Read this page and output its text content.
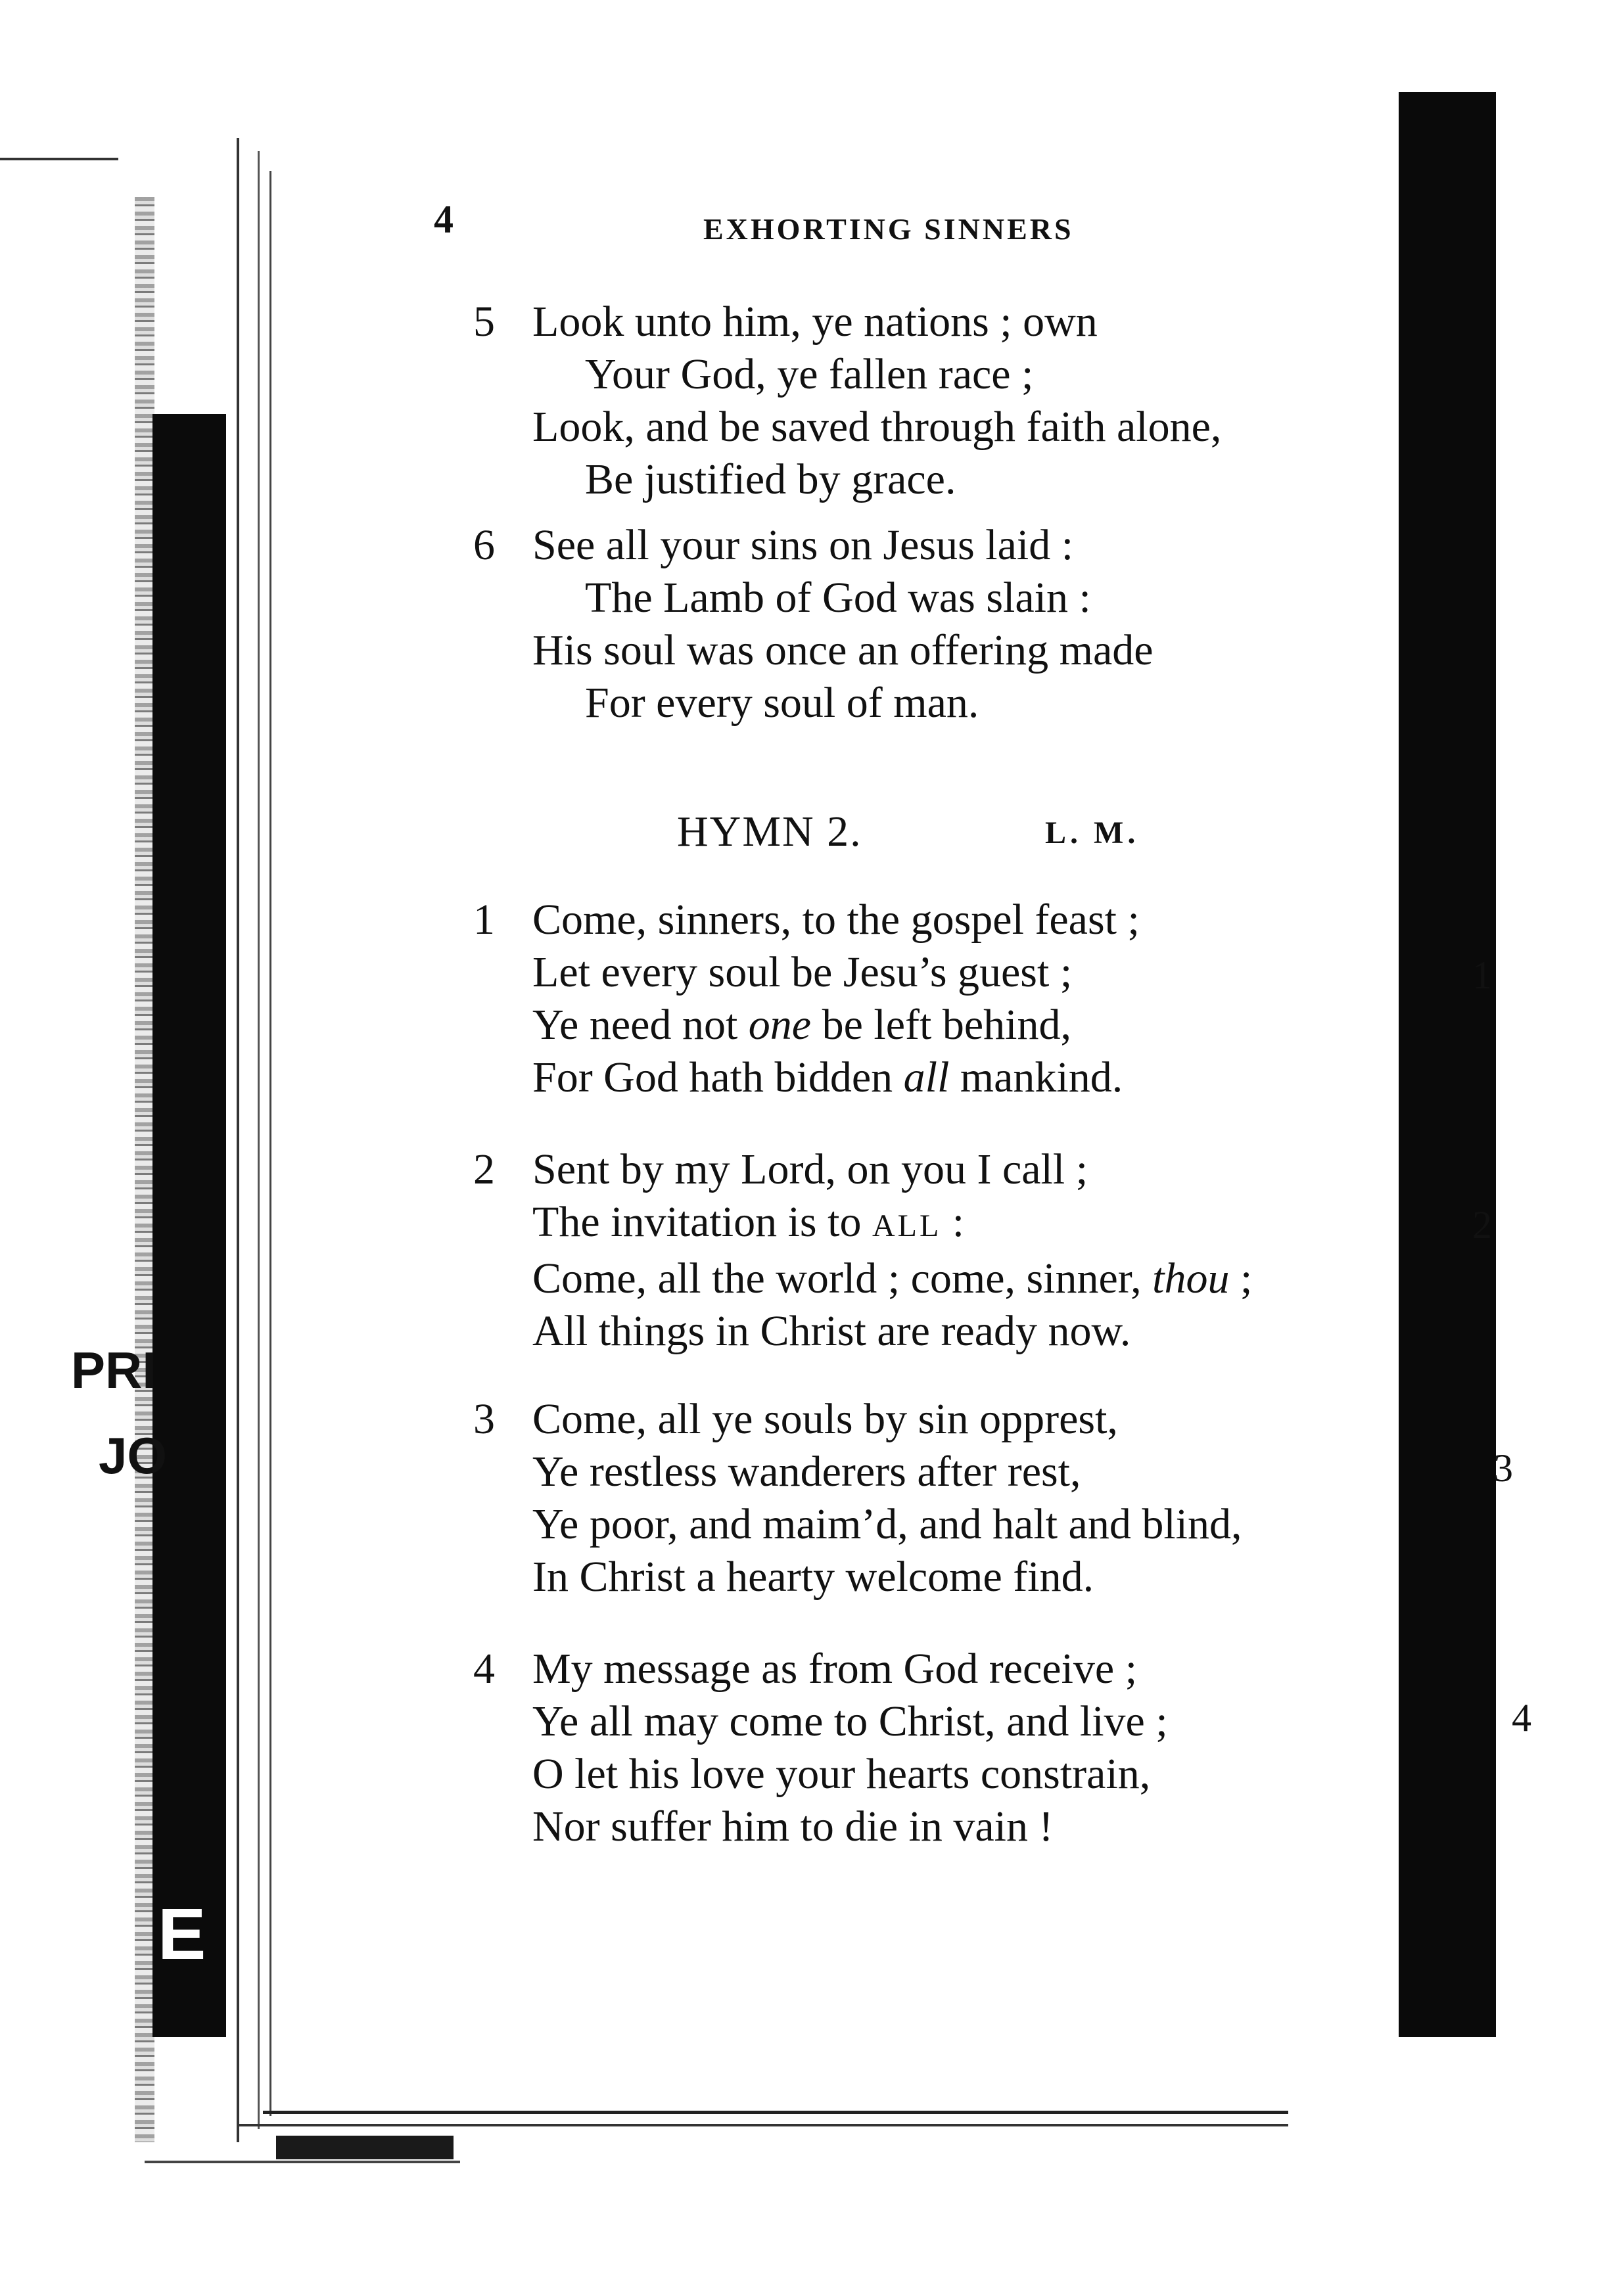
PRI
JO
E
4	EXHORTING SINNERS
5 Look unto him, ye nations ; own
Your God, ye fallen race ;
Look, and be saved through faith alone,
Be justified by grace.
6 See all your sins on Jesus laid :
The Lamb of God was slain :
His soul was once an offering made
For every soul of man.
HYMN 2.	L. M.
1 Come, sinners, to the gospel feast ;
Let every soul be Jesu’s guest ;
Ye need not one be left behind,
For God hath bidden all mankind.
2 Sent by my Lord, on you I call ;
The invitation is to ALL :
Come, all the world ; come, sinner, thou ;
All things in Christ are ready now.
3 Come, all ye souls by sin opprest,
Ye restless wanderers after rest,
Ye poor, and maim’d, and halt and blind,
In Christ a hearty welcome find.
4 My message as from God receive ;
Ye all may come to Christ, and live ;
O let his love your hearts constrain,
Nor suffer him to die in vain !
1
2
3
4
